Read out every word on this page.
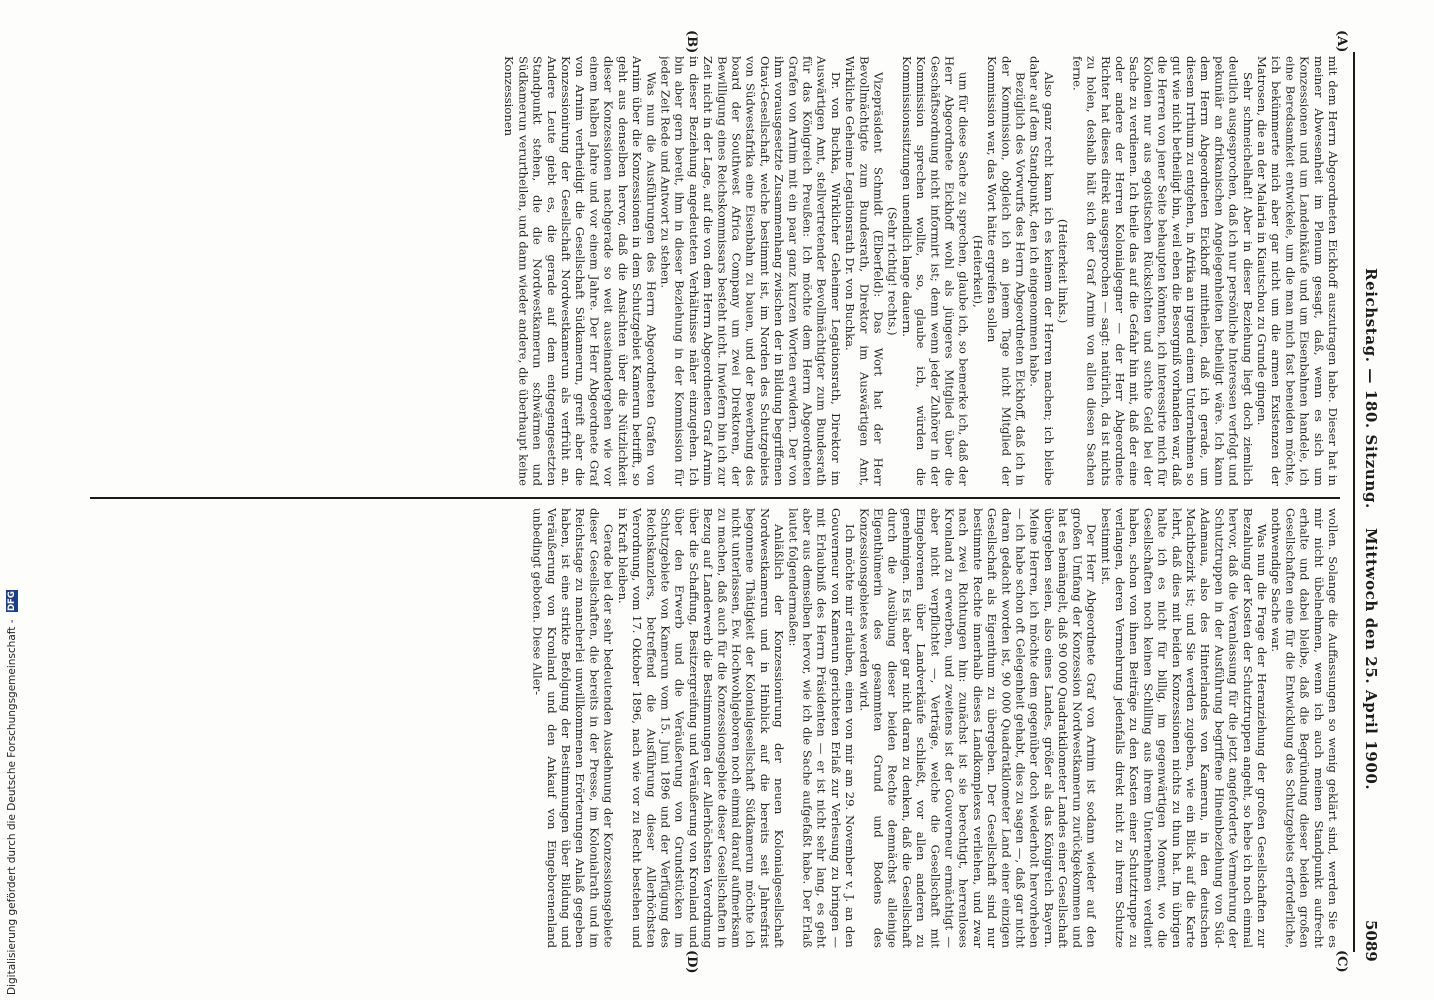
Reichstag. — 180. Sitzung.
Mittwoch den 25. April 1900.
5089
(A)
(B)
(C)
(D)

mit dem Herrn Abgeordneten Eickhoff auszutragen habe. Dieser hat in meiner Abwesenheit im Plenum gesagt, daß, wenn es sich um Konzessionen und um Landeinkäufe und um Eisenbahnen handele, ich eine Beredsamkeit entwickele, um die man mich fast beneiden möchte, ich bekümmerte mich aber gar nicht um die armen Existenzen der Matrosen, die an der Malaria in Kiautschou zu Grunde gingen.

Sehr schmeichelhaft! Aber in dieser Beziehung liegt doch ziemlich deutlich ausgesprochen, daß ich nur persönliche Interessen verfolgt und pekuniär an afrikanischen Angelegenheiten betheiligt wäre. Ich kann dem Herrn Abgeordneten Eickhoff mittheilen, daß ich gerade, um diesem Irrthum zu entgehen, in Afrika an irgend einem Unternehmen so gut wie nicht betheiligt bin, weil eben die Besorgniß vorhanden war, daß die Herren von jener Seite behaupten könnten, ich interessirte mich für Kolonien nur aus egoistischen Rücksichten und suchte Geld bei der Sache zu verdienen. Ich theile das auf die Gefahr hin mit, daß der eine oder andere der Herren Kolonialgegner — der Herr Abgeordnete Richter hat dieses direkt ausgesprochen — sagt: natürlich, da ist nichts zu holen, deshalb hält sich der Graf Arnim von allen diesen Sachen ferne.

(Heiterkeit links.)

Also ganz recht kann ich es keinem der Herren machen; ich bleibe daher auf dem Standpunkt, den ich eingenommen habe.

Bezüglich des Vorwurfs des Herrn Abgeordneten Eickhoff, daß ich in der Kommission, obgleich ich an jenem Tage nicht Mitglied der Kommission war, das Wort hätte ergreifen sollen

(Heiterkeit),

um für diese Sache zu sprechen, glaube ich, so bemerke ich, daß der Herr Abgeordnete Eickhoff wohl als jüngeres Mitglied über die Geschäftsordnung nicht informirt ist; denn wenn jeder Zuhörer in der Kommission sprechen wollte, so, glaube ich, würden die Kommissionssitzungen unendlich lange dauern.

(Sehr richtig! rechts.)

Vizepräsident Schmidt (Elberfeld): Das Wort hat der Herr Bevollmächtigte zum Bundesrath, Direktor im Auswärtigen Amt, Wirkliche Geheime Legationsrath Dr. von Buchka.

Dr. von Buchka, Wirklicher Geheimer Legationsrath, Direktor im Auswärtigen Amt, stellvertretender Bevollmächtigter zum Bundesrath für das Königreich Preußen: Ich möchte dem Herrn Abgeordneten Grafen von Arnim mit ein paar ganz kurzen Worten erwidern. Der von ihm vorausgesetzte Zusammenhang zwischen der in Bildung begriffenen Otavi-Gesellschaft, welche bestimmt ist, im Norden des Schutzgebiets von Südwestafrika eine Eisenbahn zu bauen, und der Bewerbung des board der Southwest Africa Company um zwei Direktoren, der Bewilligung eines Reichskommissars besteht nicht. Inwiefern bin ich zur Zeit nicht in der Lage, auf die von dem Herrn Abgeordneten Graf Arnim in dieser Beziehung angedeuteten Verhältnisse näher einzugehen. Ich bin aber gern bereit, ihm in dieser Beziehung in der Kommission für jeder Zeit Rede und Antwort zu stehen.

Was nun die Ausführungen des Herrn Abgeordneten Grafen von Arnim über die Konzessionen in dem Schutzgebiet Kamerun betrifft, so geht aus denselben hervor, daß die Ansichten über die Nützlichkeit dieser Konzessionen nachgerade so weit auseinandergehen wie vor einem halben Jahre und vor einem Jahre. Der Herr Abgeordnete Graf von Arnim vertheidigt die Gesellschaft Südkamerun, greift aber die Konzessionirung der Gesellschaft Nordwestkamerun als verfrüht an. Andere Leute giebt es, die gerade auf dem entgegengesetzten Standpunkt stehen, die die Nordwestkamerun schwärmen und Südkamerun verurtheilen, und dann wieder andere, die überhaupt keine Konzessionen

wollen. Solange die Auffassungen so wenig geklärt sind, werden Sie es mir nicht übelnehmen, wenn ich auch meinen Standpunkt aufrecht erhalte und dabei bleibe, daß die Begründung dieser beiden großen Gesellschaften eine für die Entwicklung des Schutzgebiets erforderliche, nothwendige Sache war.

Was nun die Frage der Heranziehung der großen Gesellschaften zur Bezahlung der Kosten der Schutztruppen angeht, so hebe ich noch einmal hervor, daß die Veranlassung für die jetzt angeforderte Vermehrung der Schutztruppen in der Ausführung begriffene Hineinbeziehung von Süd-Adamaua, also des Hinterlandes von Kamerun, in den deutschen Machtbezirk ist; und Sie werden zugeben, wie ein Blick auf die Karte lehrt, daß dies mit beiden Konzessionen nichts zu thun hat. Im übrigen halte ich es nicht für billig, im gegenwärtigen Moment, wo die Gesellschaften noch keinen Schilling aus ihrem Unternehmen verdient haben, schon von ihnen Beiträge zu den Kosten einer Schutztruppe zu verlangen, deren Vermehrung jedenfalls direkt nicht zu ihrem Schutze bestimmt ist.

Der Herr Abgeordnete Graf von Arnim ist sodann wieder auf den großen Umfang der Konzession Nordwestkamerun zurückgekommen und hat es bemängelt, daß 90 000 Quadratkilometer Landes einer Gesellschaft übergeben seien, also eines Landes, größer als das Königreich Bayern. Meine Herren, ich möchte dem gegenüber doch wiederholt hervorheben — ich habe schon oft Gelegenheit gehabt, dies zu sagen —, daß gar nicht daran gedacht worden ist, 90 000 Quadratkilometer Land einer einzigen Gesellschaft als Eigenthum zu übergeben. Der Gesellschaft sind nur bestimmte Rechte innerhalb dieses Landkomplexes verliehen, und zwar nach zwei Richtungen hin: zunächst ist sie berechtigt, herrenloses Kronland zu erwerben, und zweitens ist der Gouverneur ermächtigt — aber nicht verpflichtet —, Verträge, welche die Gesellschaft mit Eingeborenen über Landverkäufe schließt, vor allen anderen zu genehmigen. Es ist aber gar nicht daran zu denken, daß die Gesellschaft durch die Ausübung dieser beiden Rechte demnächst alleinige Eigenthümerin des gesammten Grund und Bodens des Konzessionsgebietes werden wird.

Ich möchte mir erlauben, einen von mir am 29. November v. J. an den Gouverneur von Kamerun gerichteten Erlaß zur Verlesung zu bringen — mit Erlaubniß des Herrn Präsidenten — er ist nicht sehr lang, es geht aber aus demselben hervor, wie ich die Sache aufgefaßt habe. Der Erlaß lautet folgendermaßen:

Anläßlich der Konzessionirung der neuen Kolonialgesellschaft Nordwestkamerun und in Hinblick auf die bereits seit Jahresfrist begonnene Thätigkeit der Kolonialgesellschaft Südkamerun möchte ich nicht unterlassen, Ew. Hochwohlgeboren noch einmal darauf aufmerksam zu machen, daß auch für die Konzessionsgebiete dieser Gesellschaften in Bezug auf Landerwerb die Bestimmungen der Allerhöchsten Verordnung über die Schaffung, Besitzergreifung und Veräußerung von Kronland und über den Erwerb und die Veräußerung von Grundstücken im Schutzgebiete von Kamerun vom 15. Juni 1896 und der Verfügung des Reichskanzlers, betreffend die Ausführung dieser Allerhöchsten Verordnung, vom 17. Oktober 1896, nach wie vor zu Recht bestehen und in Kraft bleiben.

Gerade bei der sehr bedeutenden Ausdehnung der Konzessionsgebiete dieser Gesellschaften, die bereits in der Presse, im Kolonialrath und im Reichstage zu mancherlei unwillkommenen Erörterungen Anlaß gegeben haben, ist eine strikte Befolgung der Bestimmungen über Bildung und Veräußerung von Kronland und den Ankauf von Eingeborenenland unbedingt geboten. Diese Aller-

Digitalisierung gefördert durch die Deutsche Forschungsgemeinschaft - DFG
